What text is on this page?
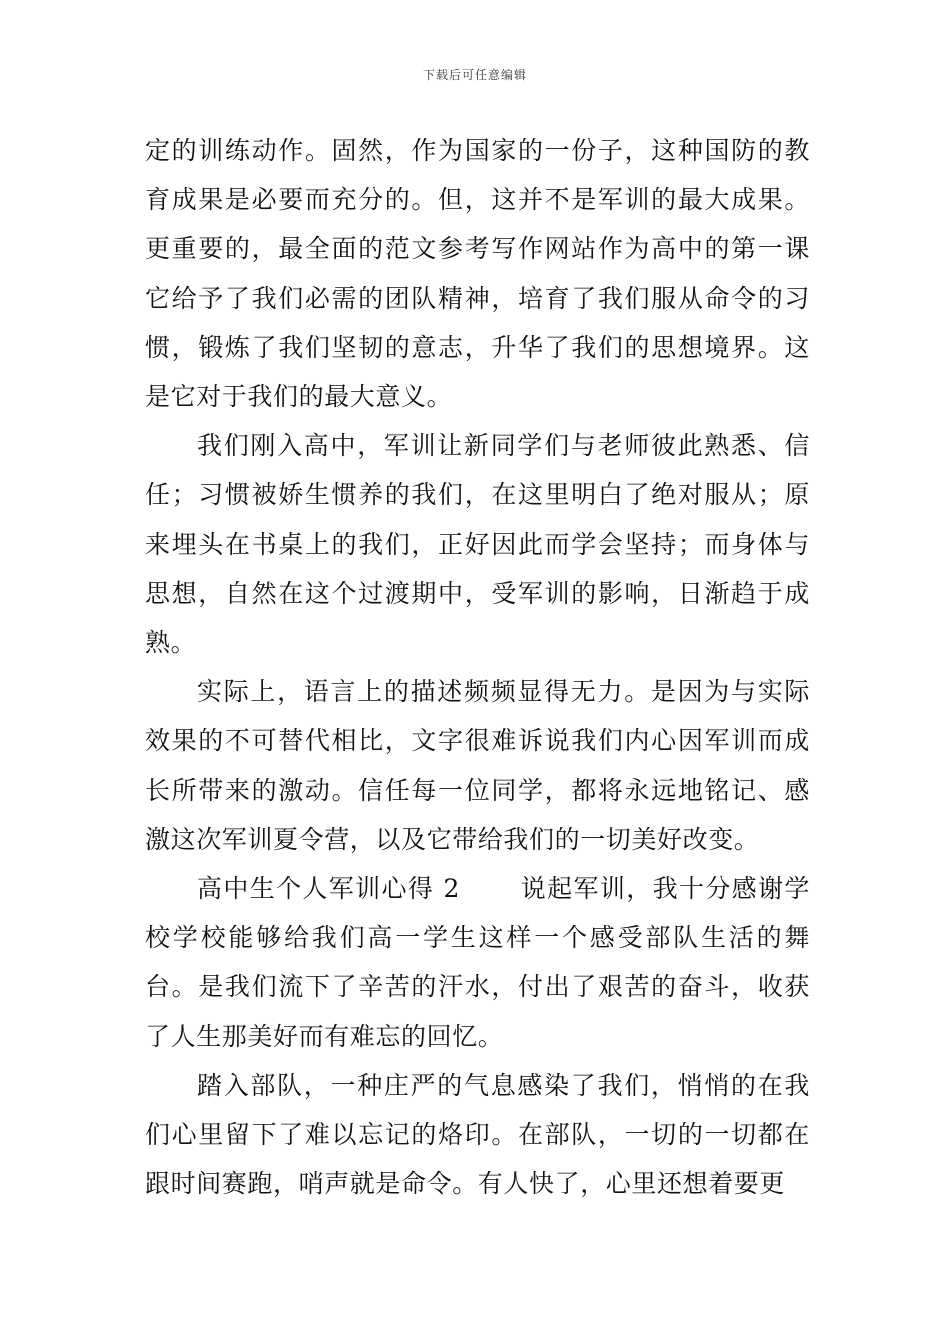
下载后可任意编辑

定的训练动作。固然，作为国家的一份子，这种国防的教育成果是必要而充分的。但，这并不是军训的最大成果。更重要的，最全面的范文参考写作网站作为高中的第一课它给予了我们必需的团队精神，培育了我们服从命令的习惯，锻炼了我们坚韧的意志，升华了我们的思想境界。这是它对于我们的最大意义。

我们刚入高中，军训让新同学们与老师彼此熟悉、信任；习惯被娇生惯养的我们，在这里明白了绝对服从；原来埋头在书桌上的我们，正好因此而学会坚持；而身体与思想，自然在这个过渡期中，受军训的影响，日渐趋于成熟。

实际上，语言上的描述频频显得无力。是因为与实际效果的不可替代相比，文字很难诉说我们内心因军训而成长所带来的激动。信任每一位同学，都将永远地铭记、感激这次军训夏令营，以及它带给我们的一切美好改变。

高中生个人军训心得 2 说起军训，我十分感谢学校学校能够给我们高一学生这样一个感受部队生活的舞台。是我们流下了辛苦的汗水，付出了艰苦的奋斗，收获了人生那美好而有难忘的回忆。

踏入部队，一种庄严的气息感染了我们，悄悄的在我们心里留下了难以忘记的烙印。在部队，一切的一切都在跟时间赛跑，哨声就是命令。有人快了，心里还想着要更
